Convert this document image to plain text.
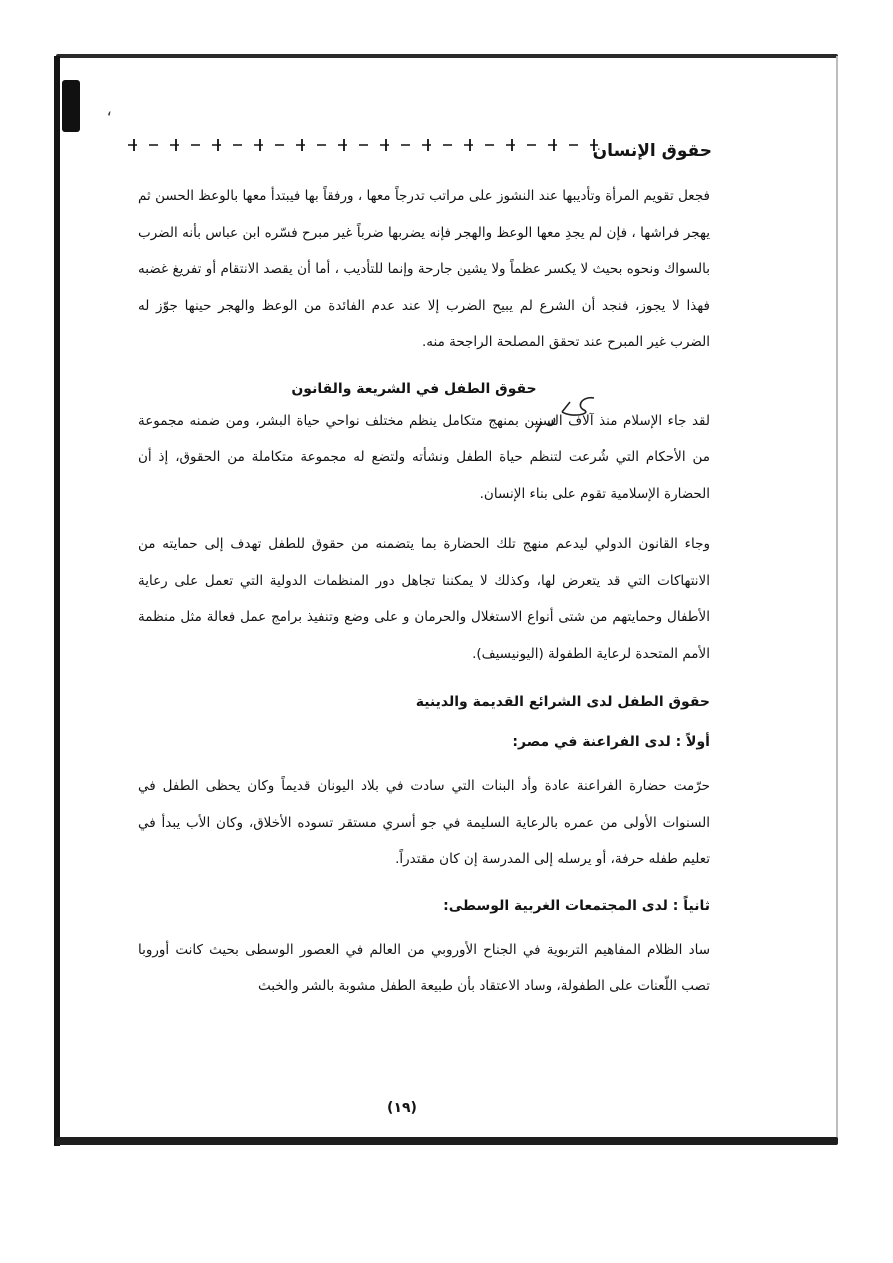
‘
حقوق الإنسان

فجعل تقويم المرأة وتأديبها عند النشوز على مراتب تدرجاً معها ، ورفقاً بها فيبتدأ معها بالوعظ الحسن ثم يهجر فراشها ، فإن لم يجدِ معها الوعظ والهجر فإنه يضربها ضرباً غير مبرح فسّره ابن عباس بأنه الضرب بالسواك ونحوه بحيث لا يكسر عظماً ولا يشين جارحة وإنما للتأديب ، أما أن يقصد الانتقام أو تفريغ غضبه فهذا لا يجوز، فنجد أن الشرع لم يبيح الضرب إلا عند عدم الفائدة من الوعظ والهجر حينها جوّز له الضرب غير المبرح عند تحقق المصلحة الراجحة منه.

حقوق الطفل في الشريعة والقانون

لقد جاء الإسلام منذ آلاف السنين بمنهج متكامل ينظم مختلف نواحي حياة البشر، ومن ضمنه مجموعة من الأحكام التي شُرعت لتنظم حياة الطفل ونشأته ولتضع له مجموعة متكاملة من الحقوق، إذ أن الحضارة الإسلامية تقوم على بناء الإنسان.

وجاء القانون الدولي ليدعم منهج تلك الحضارة بما يتضمنه من حقوق للطفل تهدف إلى حمايته من الانتهاكات التي قد يتعرض لها، وكذلك لا يمكننا تجاهل دور المنظمات الدولية التي تعمل على رعاية الأطفال وحمايتهم من شتى أنواع الاستغلال والحرمان و على وضع وتنفيذ برامج عمل فعالة مثل منظمة الأمم المتحدة لرعاية الطفولة (اليونيسيف).

حقوق الطفل لدى الشرائع القديمة والدينية

أولاً : لدى الفراعنة في مصر:

حرّمت حضارة الفراعنة عادة وأد البنات التي سادت في بلاد اليونان قديماً وكان يحظى الطفل في السنوات الأولى من عمره بالرعاية السليمة في جو أسري مستقر تسوده الأخلاق، وكان الأب يبدأ في تعليم طفله حرفة، أو يرسله إلى المدرسة إن كان مقتدراً.

ثانياً : لدى المجتمعات الغربية الوسطى:

ساد الظلام المفاهيم التربوية في الجناح الأوروبي من العالم في العصور الوسطى بحيث كانت أوروبا تصب اللّعنات على الطفولة، وساد الاعتقاد بأن طبيعة الطفل مشوبة بالشر والخبث

(١٩)
